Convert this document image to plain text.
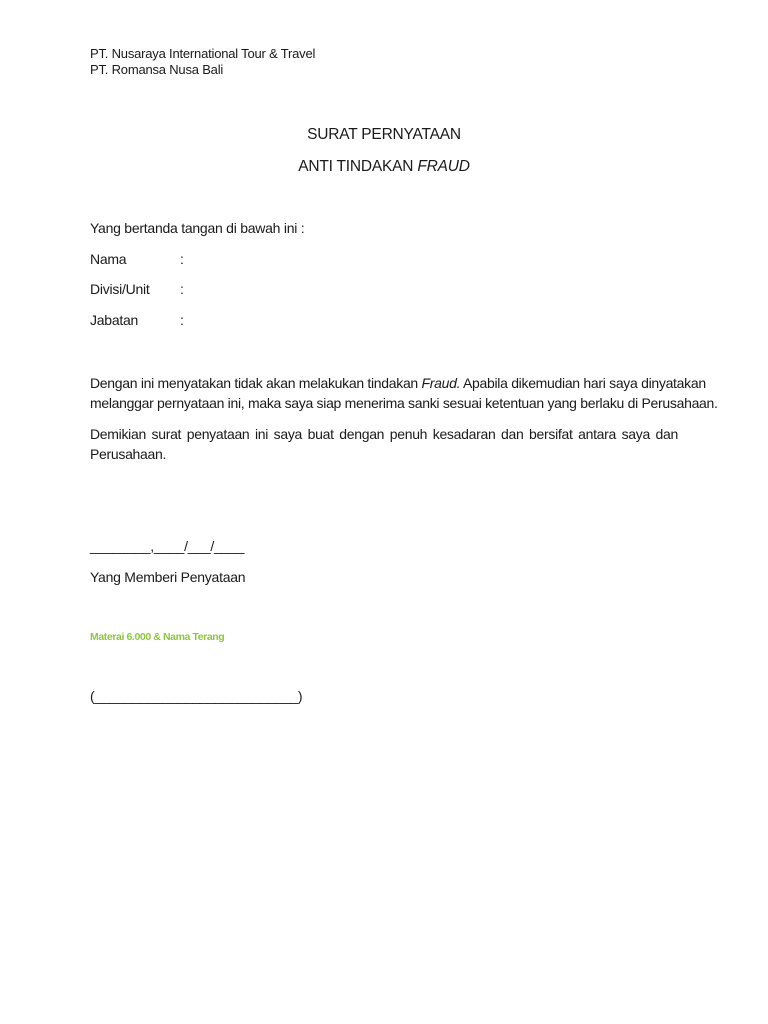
PT. Nusaraya International Tour & Travel
PT. Romansa Nusa Bali
SURAT PERNYATAAN
ANTI TINDAKAN FRAUD
Yang bertanda tangan di bawah ini :
Nama	:
Divisi/Unit :
Jabatan	:
Dengan ini menyatakan tidak akan melakukan tindakan Fraud. Apabila dikemudian hari saya dinyatakan
melanggar pernyataan ini, maka saya siap menerima sanki sesuai ketentuan yang berlaku di Perusahaan.
Demikian surat penyataan ini saya buat dengan penuh kesadaran dan bersifat antara saya dan
Perusahaan.
________,____/___/____
Yang Memberi Penyataan
Materai 6.000 & Nama Terang
(___________________________)
